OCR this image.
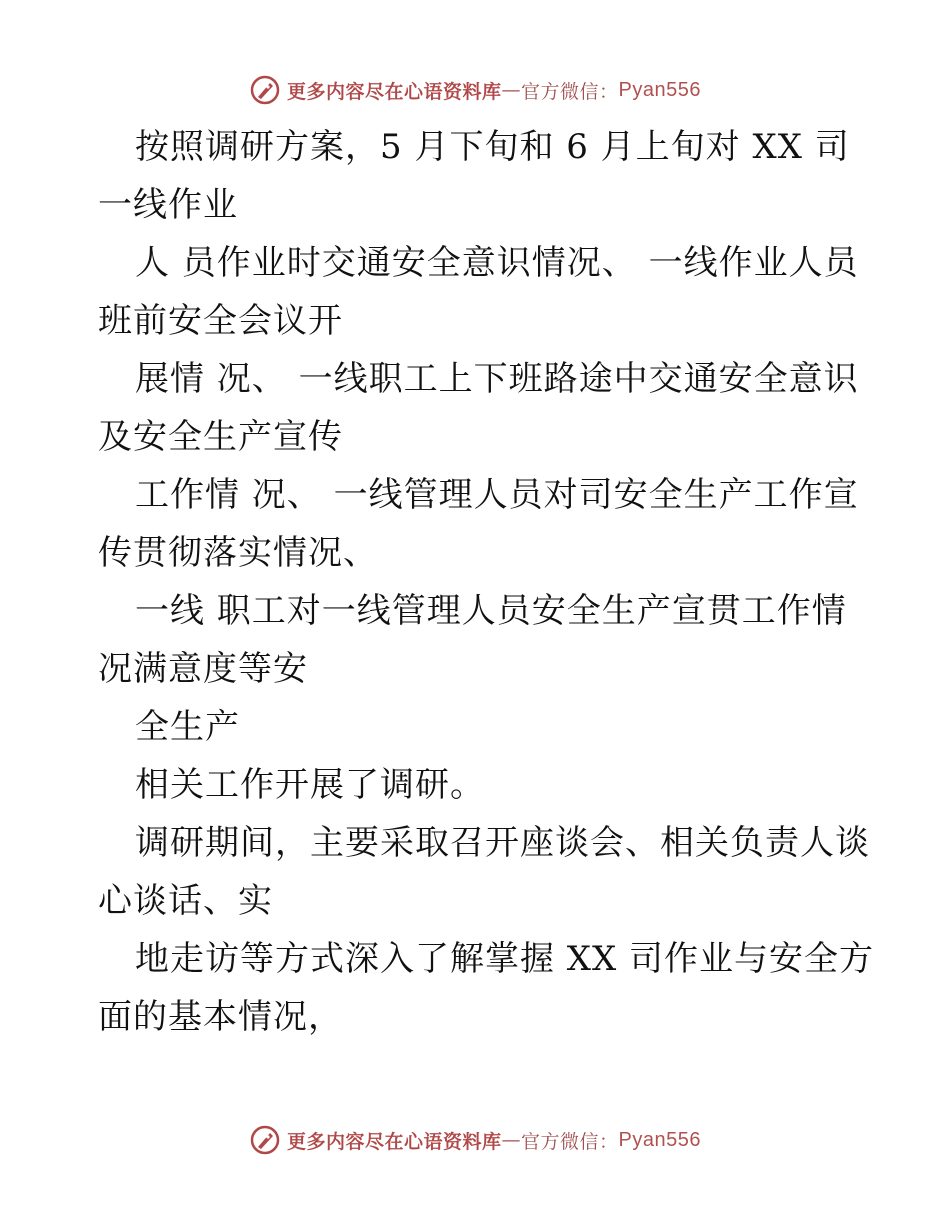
更多内容尽在心语资料库 — 官方微信： Pyan556
按照调研方案，5 月下旬和 6 月上旬对 XX 司
一线作业
人 员作业时交通安全意识情况、 一线作业人员
班前安全会议开
展情 况、 一线职工上下班路途中交通安全意识
及安全生产宣传
工作情 况、 一线管理人员对司安全生产工作宣
传贯彻落实情况、
一线 职工对一线管理人员安全生产宣贯工作情
况满意度等安
全生产
相关工作开展了调研。
调研期间，主要采取召开座谈会、相关负责人谈
心谈话、实
地走访等方式深入了解掌握 XX 司作业与安全方
面的基本情况，
更多内容尽在心语资料库 — 官方微信： Pyan556
